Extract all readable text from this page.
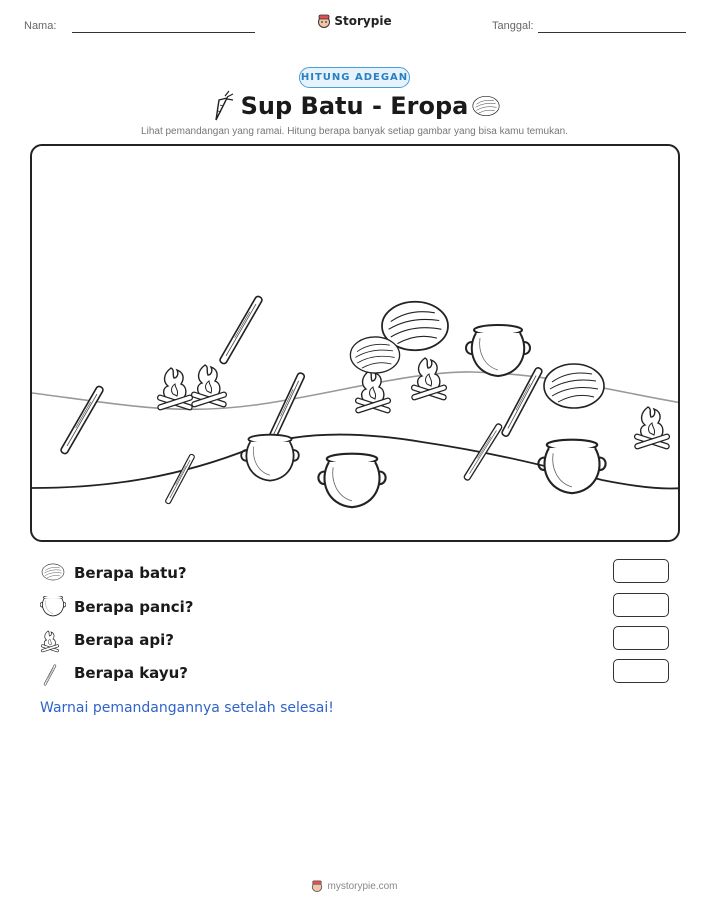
Nama:	Storypie	Tanggal:
HITUNG ADEGAN
Sup Batu - Eropa
Lihat pemandangan yang ramai. Hitung berapa banyak setiap gambar yang bisa kamu temukan.
Berapa batu?
Berapa panci?
Berapa api?
Berapa kayu?
Warnai pemandangannya setelah selesai!
mystorypie.com
